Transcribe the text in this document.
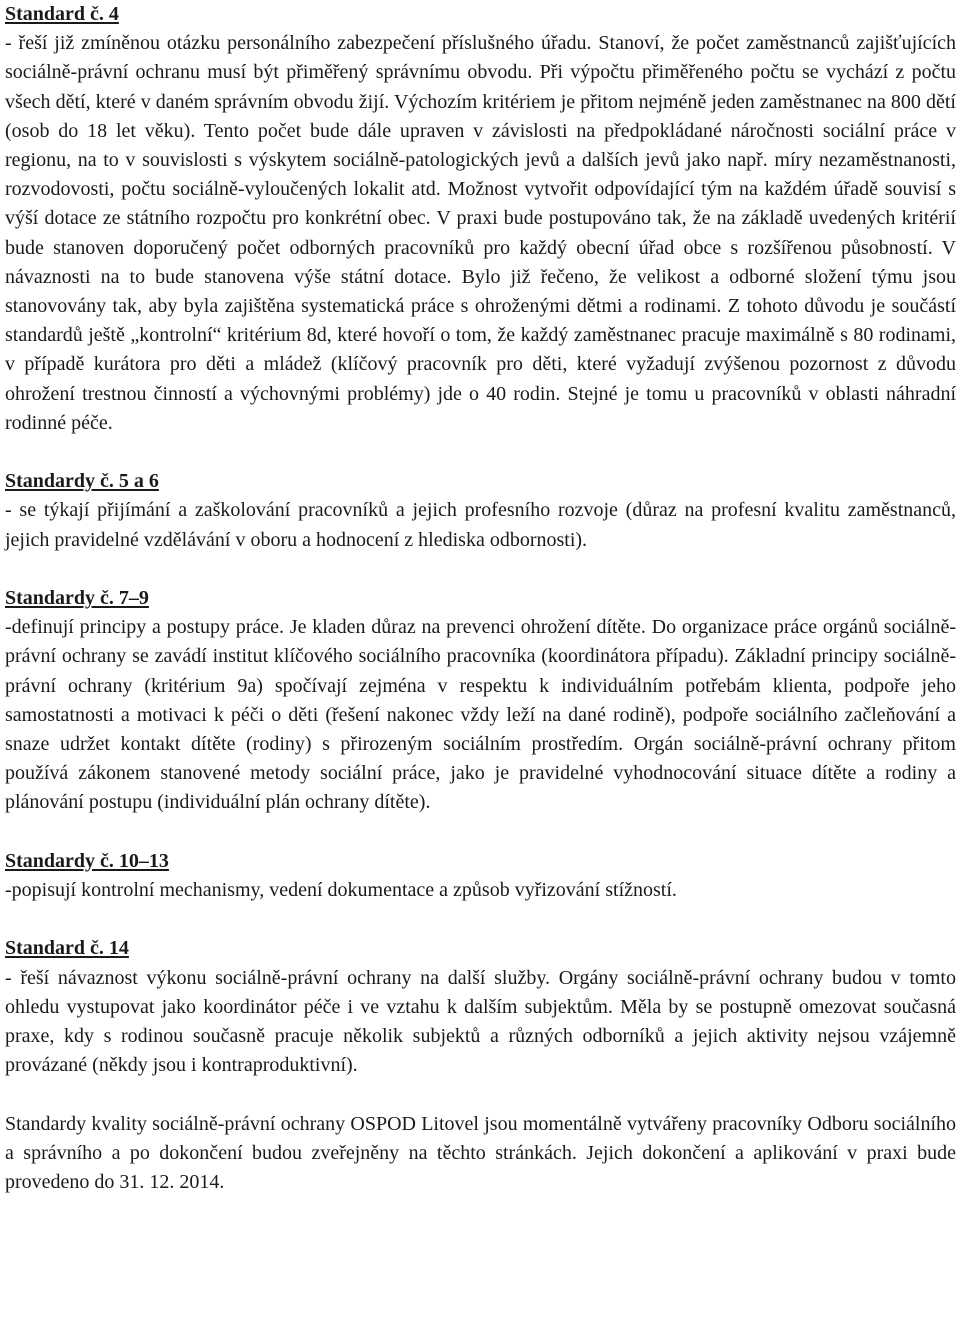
Standard č. 4

- řeší již zmíněnou otázku personálního zabezpečení příslušného úřadu. Stanoví, že počet zaměstnanců zajišťujících sociálně-právní ochranu musí být přiměřený správnímu obvodu. Při výpočtu přiměřeného počtu se vychází z počtu všech dětí, které v daném správním obvodu žijí. Výchozím kritériem je přitom nejméně jeden zaměstnanec na 800 dětí (osob do 18 let věku). Tento počet bude dále upraven v závislosti na předpokládané náročnosti sociální práce v regionu, na to v souvislosti s výskytem sociálně-patologických jevů a dalších jevů jako např. míry nezaměstnanosti, rozvodovosti, počtu sociálně-vyloučených lokalit atd. Možnost vytvořit odpovídající tým na každém úřadě souvisí s výší dotace ze státního rozpočtu pro konkrétní obec. V praxi bude postupováno tak, že na základě uvedených kritérií bude stanoven doporučený počet odborných pracovníků pro každý obecní úřad obce s rozšířenou působností. V návaznosti na to bude stanovena výše státní dotace. Bylo již řečeno, že velikost a odborné složení týmu jsou stanovovány tak, aby byla zajištěna systematická práce s ohroženými dětmi a rodinami. Z tohoto důvodu je součástí standardů ještě „kontrolní“ kritérium 8d, které hovoří o tom, že každý zaměstnanec pracuje maximálně s 80 rodinami, v případě kurátora pro děti a mládež (klíčový pracovník pro děti, které vyžadují zvýšenou pozornost z důvodu ohrožení trestnou činností a výchovnými problémy) jde o 40 rodin. Stejné je tomu u pracovníků v oblasti náhradní rodinné péče.

Standardy č. 5 a 6

- se týkají přijímání a zaškolování pracovníků a jejich profesního rozvoje (důraz na profesní kvalitu zaměstnanců, jejich pravidelné vzdělávání v oboru a hodnocení z hlediska odbornosti).

Standardy č. 7–9

-definují principy a postupy práce. Je kladen důraz na prevenci ohrožení dítěte. Do organizace práce orgánů sociálně-právní ochrany se zavádí institut klíčového sociálního pracovníka (koordinátora případu). Základní principy sociálně-právní ochrany (kritérium 9a) spočívají zejména v respektu k individuálním potřebám klienta, podpoře jeho samostatnosti a motivaci k péči o děti (řešení nakonec vždy leží na dané rodině), podpoře sociálního začleňování a snaze udržet kontakt dítěte (rodiny) s přirozeným sociálním prostředím. Orgán sociálně-právní ochrany přitom používá zákonem stanovené metody sociální práce, jako je pravidelné vyhodnocování situace dítěte a rodiny a plánování postupu (individuální plán ochrany dítěte).

Standardy č. 10–13

-popisují kontrolní mechanismy, vedení dokumentace a způsob vyřizování stížností.

Standard č. 14

- řeší návaznost výkonu sociálně-právní ochrany na další služby. Orgány sociálně-právní ochrany budou v tomto ohledu vystupovat jako koordinátor péče i ve vztahu k dalším subjektům. Měla by se postupně omezovat současná praxe, kdy s rodinou současně pracuje několik subjektů a různých odborníků a jejich aktivity nejsou vzájemně provázané (někdy jsou i kontraproduktivní).

Standardy kvality sociálně-právní ochrany OSPOD Litovel jsou momentálně vytvářeny pracovníky Odboru sociálního a správního a po dokončení budou zveřejněny na těchto stránkách. Jejich dokončení a aplikování v praxi bude provedeno do 31. 12. 2014.
